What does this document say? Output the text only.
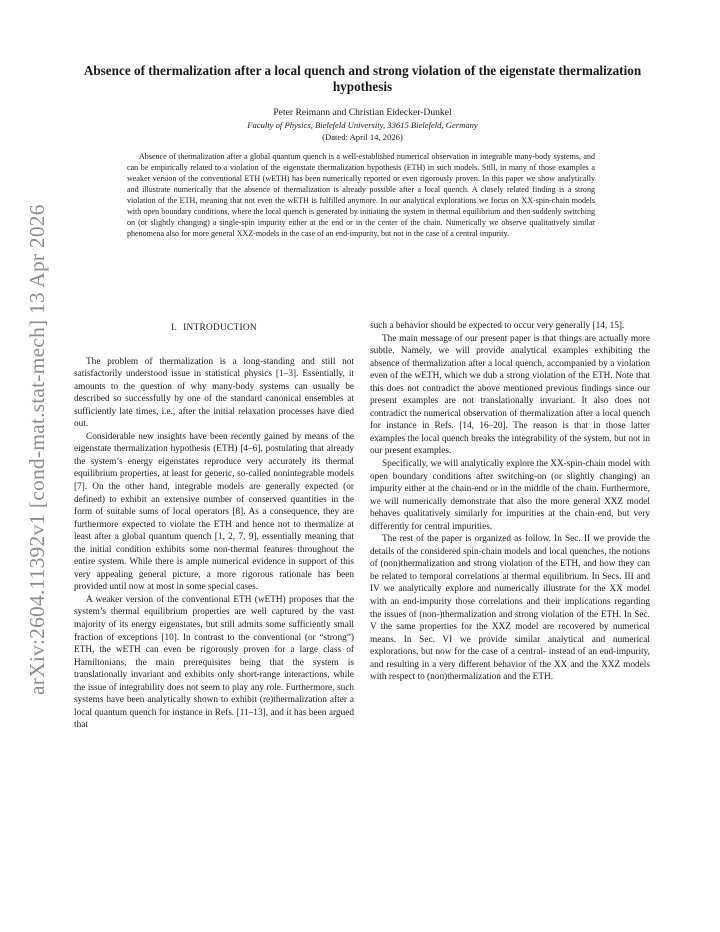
arXiv:2604.11392v1 [cond-mat.stat-mech] 13 Apr 2026
Absence of thermalization after a local quench and strong violation of the eigenstate thermalization hypothesis
Peter Reimann and Christian Eidecker-Dunkel
Faculty of Physics, Bielefeld University, 33615 Bielefeld, Germany
(Dated: April 14, 2026)

Absence of thermalization after a global quantum quench is a well-established numerical observation in integrable many-body systems, and can be empirically related to a violation of the eigenstate thermalization hypothesis (ETH) in such models. Still, in many of those examples a weaker version of the conventional ETH (wETH) has been numerically reported or even rigorously proven. In this paper we show analytically and illustrate numerically that the absence of thermalization is already possible after a local quench. A closely related finding is a strong violation of the ETH, meaning that not even the wETH is fulfilled anymore. In our analytical explorations we focus on XX-spin-chain models with open boundary conditions, where the local quench is generated by initiating the system in thermal equilibrium and then suddenly switching on (or slightly changing) a single-spin impurity either at the end or in the center of the chain. Numerically we observe qualitatively similar phenomena also for more general XXZ-models in the case of an end-impurity, but not in the case of a central impurity.

I. INTRODUCTION

The problem of thermalization is a long-standing and still not satisfactorily understood issue in statistical physics [1–3]. Essentially, it amounts to the question of why many-body systems can usually be described so successfully by one of the standard canonical ensembles at sufficiently late times, i.e., after the initial relaxation processes have died out.

Considerable new insights have been recently gained by means of the eigenstate thermalization hypothesis (ETH) [4–6], postulating that already the system’s energy eigenstates reproduce very accurately its thermal equilibrium properties, at least for generic, so-called nonintegrable models [7]. On the other hand, integrable models are generally expected (or defined) to exhibit an extensive number of conserved quantities in the form of suitable sums of local operators [8]. As a consequence, they are furthermore expected to violate the ETH and hence not to thermalize at least after a global quantum quench [1, 2, 7, 9], essentially meaning that the initial condition exhibits some non-thermal features throughout the entire system. While there is ample numerical evidence in support of this very appealing general picture, a more rigorous rationale has been provided until now at most in some special cases.

A weaker version of the conventional ETH (wETH) proposes that the system’s thermal equilibrium properties are well captured by the vast majority of its energy eigenstates, but still admits some sufficiently small fraction of exceptions [10]. In contrast to the conventional (or “strong”) ETH, the wETH can even be rigorously proven for a large class of Hamiltonians, the main prerequisites being that the system is translationally invariant and exhibits only short-range interactions, while the issue of integrability does not seem to play any role. Furthermore, such systems have been analytically shown to exhibit (re)thermalization after a local quantum quench for instance in Refs. [11–13], and it has been argued that

such a behavior should be expected to occur very generally [14, 15].

The main message of our present paper is that things are actually more subtle. Namely, we will provide analytical examples exhibiting the absence of thermalization after a local quench, accompanied by a violation even of the wETH, which we dub a strong violation of the ETH. Note that this does not contradict the above mentioned previous findings since our present examples are not translationally invariant. It also does not contradict the numerical observation of thermalization after a local quench for instance in Refs. [14, 16–20]. The reason is that in those latter examples the local quench breaks the integrability of the system, but not in our present examples.

Specifically, we will analytically explore the XX-spin-chain model with open boundary conditions after switching-on (or slightly changing) an impurity either at the chain-end or in the middle of the chain. Furthermore, we will numerically demonstrate that also the more general XXZ model behaves qualitatively similarly for impurities at the chain-end, but very differently for central impurities.

The rest of the paper is organized as follow. In Sec. II we provide the details of the considered spin-chain models and local quenches, the notions of (non)thermalization and strong violation of the ETH, and how they can be related to temporal correlations at thermal equilibrium. In Secs. III and IV we analytically explore and numerically illustrate for the XX model with an end-impurity those correlations and their implications regarding the issues of (non-)thermalization and strong violation of the ETH. In Sec. V the same properties for the XXZ model are recovered by numerical means. In Sec. VI we provide similar analytical and numerical explorations, but now for the case of a central- instead of an end-impurity, and resulting in a very different behavior of the XX and the XXZ models with respect to (non)thermalization and the ETH.
